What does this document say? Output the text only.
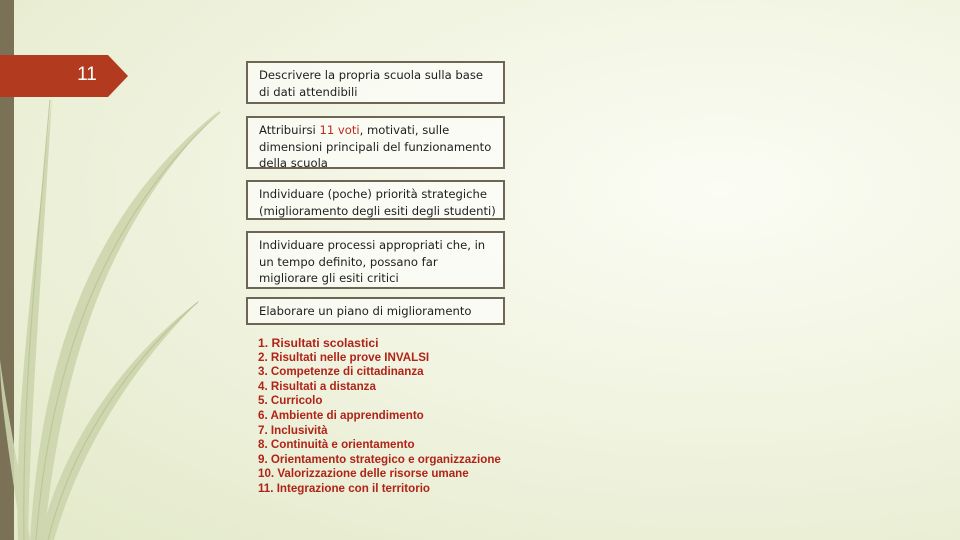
11	Descrivere la propria scuola sulla base di dati attendibili
Attribuirsi 11 voti, motivati, sulle dimensioni principali del funzionamento della scuola
Individuare (poche) priorità strategiche (miglioramento degli esiti degli studenti)
Individuare processi appropriati che, in un tempo definito, possano far migliorare gli esiti critici
Elaborare un piano di miglioramento
1. Risultati scolastici
2. Risultati nelle prove INVALSI
3. Competenze di cittadinanza
4. Risultati a distanza
5. Curricolo
6. Ambiente di apprendimento
7. Inclusività
8. Continuità e orientamento
9. Orientamento strategico e organizzazione
10. Valorizzazione delle risorse umane
11. Integrazione con il territorio
